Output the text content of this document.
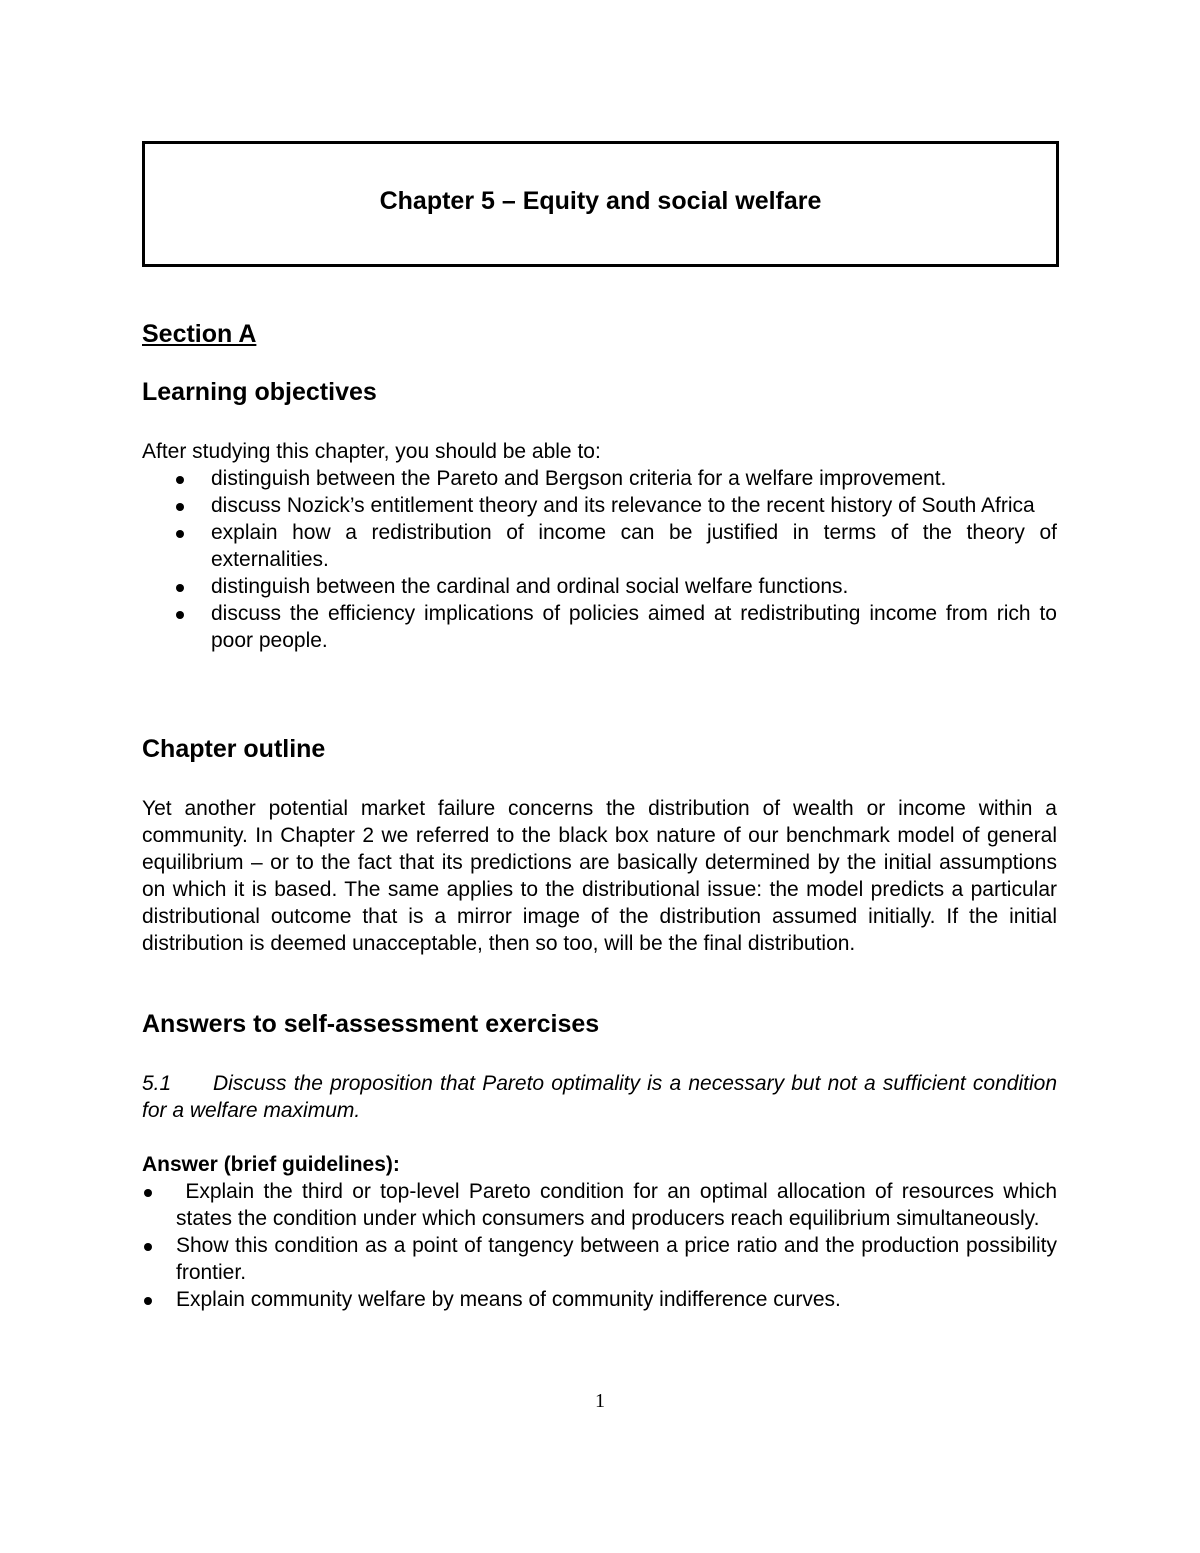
Chapter 5 – Equity and social welfare

Section A

Learning objectives

After studying this chapter, you should be able to:

distinguish between the Pareto and Bergson criteria for a welfare improvement.
discuss Nozick’s entitlement theory and its relevance to the recent history of South Africa
explain how a redistribution of income can be justified in terms of the theory of externalities.
distinguish between the cardinal and ordinal social welfare functions.
discuss the efficiency implications of policies aimed at redistributing income from rich to poor people.

Chapter outline

Yet another potential market failure concerns the distribution of wealth or income within a community. In Chapter 2 we referred to the black box nature of our benchmark model of general equilibrium – or to the fact that its predictions are basically determined by the initial assumptions on which it is based. The same applies to the distributional issue: the model predicts a particular distributional outcome that is a mirror image of the distribution assumed initially. If the initial distribution is deemed unacceptable, then so too, will be the final distribution.

Answers to self-assessment exercises

5.1 Discuss the proposition that Pareto optimality is a necessary but not a sufficient condition for a welfare maximum.

Answer (brief guidelines):

Explain the third or top-level Pareto condition for an optimal allocation of resources which states the condition under which consumers and producers reach equilibrium simultaneously.
Show this condition as a point of tangency between a price ratio and the production possibility frontier.
Explain community welfare by means of community indifference curves.
1
